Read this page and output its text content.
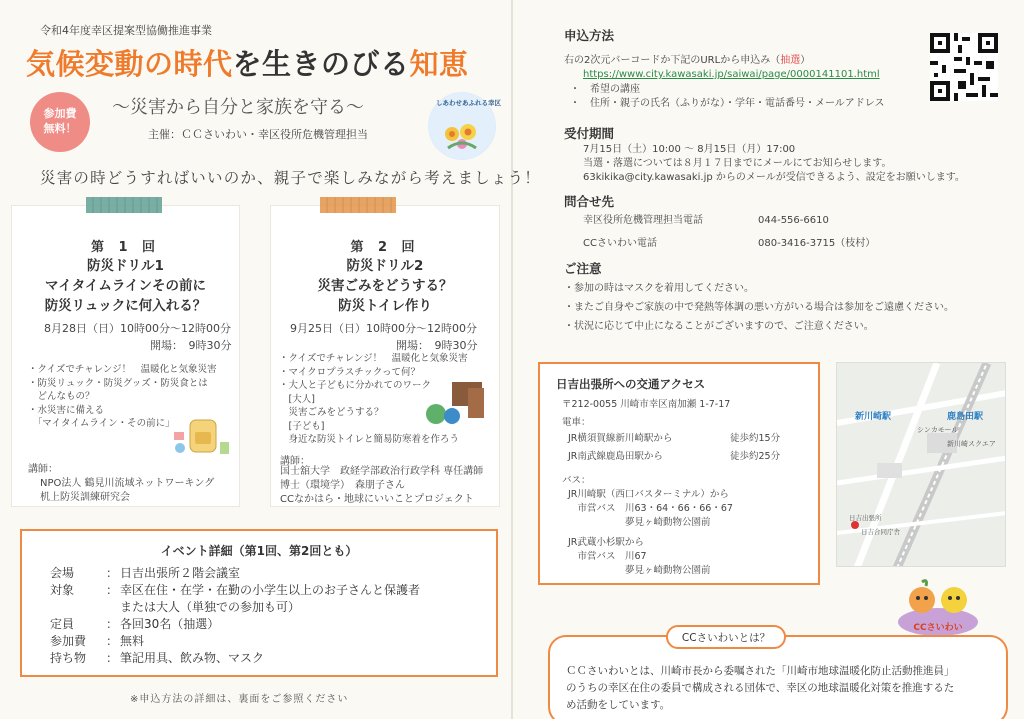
令和4年度幸区提案型協働推進事業
気候変動の時代を生きのびる知恵
参加費
無料！
〜災害から自分と家族を守る〜
主催：ＣＣさいわい・幸区役所危機管理担当
しあわせあふれる幸区
災害の時どうすればいいのか、親子で楽しみながら考えましょう！
第 1 回
防災ドリル1
マイタイムラインその前に
防災リュックに何入れる？
8月28日（日）10時00分〜12時00分
開場：　9時30分
・クイズでチャレンジ！　温暖化と気象災害
・防災リュック・防災グッズ・防災食とは
　どんなもの？
・水災害に備える
　「マイタイムライン・その前に」
講師：
NPO法人 鶴見川流域ネットワーキング
机上防災訓練研究会
第 2 回
防災ドリル2
災害ごみをどうする？
防災トイレ作り
9月25日（日）10時00分〜12時00分
開場：　9時30分
・クイズでチャレンジ！　温暖化と気象災害
・マイクロプラスチックって何？
・大人と子どもに分かれてのワーク
　[大人]
　災害ごみをどうする？
　[子ども]
　身近な防災トイレと簡易防寒着を作ろう
講師：
国士舘大学　政経学部政治行政学科 専任講師
博士（環境学）　森朋子さん
CCなかはら・地球にいいことプロジェクト
イベント詳細（第1回、第2回とも）
会場	： 日吉出張所２階会議室
対象	： 幸区在住・在学・在勤の小学生以上のお子さんと保護者
または大人（単独での参加も可）
定員	： 各回30名（抽選）
参加費	： 無料
持ち物	： 筆記用具、飲み物、マスク
※申込方法の詳細は、裏面をご参照ください
申込方法
右の2次元バーコードか下記のURLから申込み（抽選）
https://www.city.kawasaki.jp/saiwai/page/0000141101.html
・　希望の講座
・　住所・親子の氏名（ふりがな）・学年・電話番号・メールアドレス
受付期間
7月15日（土）10:00 〜 8月15日（月）17:00
当選・落選については８月１７日までにメールにてお知らせします。
63kikika@city.kawasaki.jp からのメールが受信できるよう、設定をお願いします。
問合せ先
幸区役所危機管理担当電話	044-556-6610
CCさいわい電話	080-3416-3715（枝村）
ご注意
・参加の時はマスクを着用してください。
・またご自身やご家族の中で発熱等体調の悪い方がいる場合は参加をご遠慮ください。
・状況に応じて中止になることがございますので、ご注意ください。
日吉出張所への交通アクセス
〒212-0055 川崎市幸区南加瀬 1-7-17
電車：
JR横須賀線新川崎駅から	徒歩約15分
JR南武線鹿島田駅から	徒歩約25分
バス：
JR川崎駅（西口バスターミナル）から
　市営バス　川63・64・66・66・67
　　　　　　夢見ヶ崎動物公園前
JR武蔵小杉駅から
　市営バス　川67
　　　　　　夢見ヶ崎動物公園前
新川崎駅	鹿島田駅
シンカモール
新川崎スクエア
日吉出張所
日吉合同庁舎
CCさいわい
CCさいわいとは？
ＣＣさいわいとは、川崎市長から委嘱された「川崎市地球温暖化防止活動推進員」
のうちの幸区在住の委員で構成される団体で、幸区の地球温暖化対策を推進するた
め活動をしています。
